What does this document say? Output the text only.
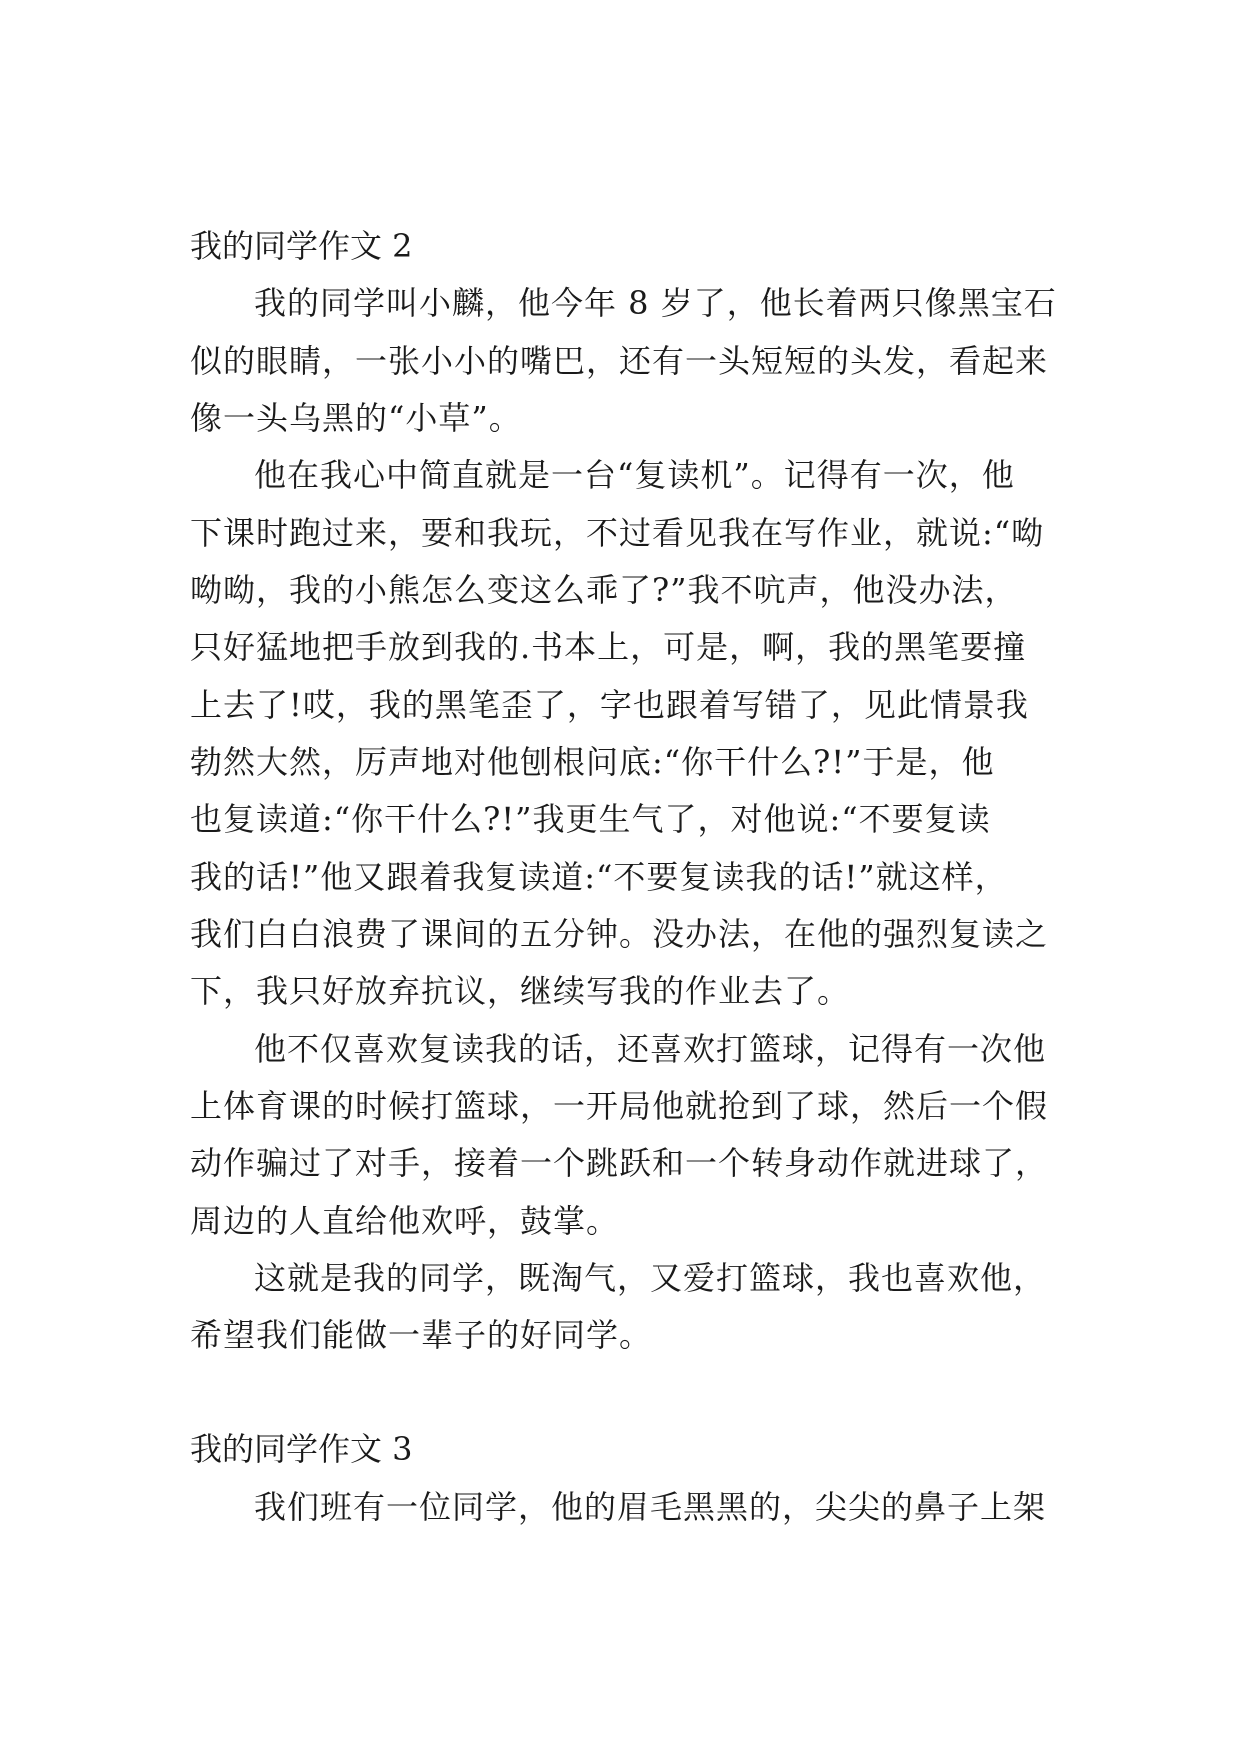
我的同学作文 2

我的同学叫小麟，他今年 8 岁了，他长着两只像黑宝石

似的眼睛，一张小小的嘴巴，还有一头短短的头发，看起来

像一头乌黑的“小草”。

他在我心中简直就是一台“复读机”。记得有一次，他

下课时跑过来，要和我玩，不过看见我在写作业，就说:“呦

呦呦，我的小熊怎么变这么乖了?”我不吭声，他没办法，

只好猛地把手放到我的.书本上，可是，啊，我的黑笔要撞

上去了!哎，我的黑笔歪了，字也跟着写错了，见此情景我

勃然大然，厉声地对他刨根问底:“你干什么?!”于是，他

也复读道:“你干什么?!”我更生气了，对他说:“不要复读

我的话!”他又跟着我复读道:“不要复读我的话!”就这样，

我们白白浪费了课间的五分钟。没办法，在他的强烈复读之

下，我只好放弃抗议，继续写我的作业去了。

他不仅喜欢复读我的话，还喜欢打篮球，记得有一次他

上体育课的时候打篮球，一开局他就抢到了球，然后一个假

动作骗过了对手，接着一个跳跃和一个转身动作就进球了，

周边的人直给他欢呼，鼓掌。

这就是我的同学，既淘气，又爱打篮球，我也喜欢他，

希望我们能做一辈子的好同学。

我的同学作文 3

我们班有一位同学，他的眉毛黑黑的，尖尖的鼻子上架
